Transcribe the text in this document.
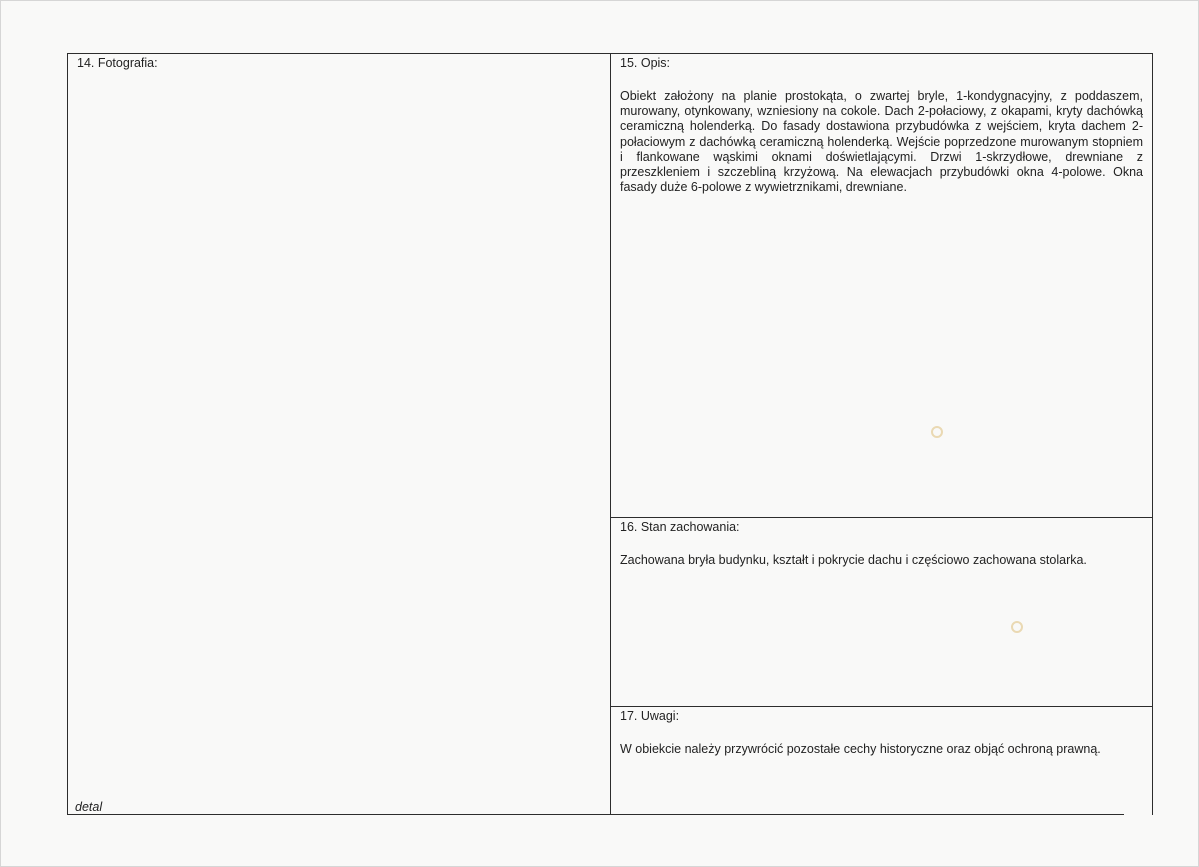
14. Fotografia:
detal
15. Opis:
Obiekt założony na planie prostokąta, o zwartej bryle, 1-kondygnacyjny, z poddaszem, murowany, otynkowany, wzniesiony na cokole. Dach 2-połaciowy, z okapami, kryty dachówką ceramiczną holenderką. Do fasady dostawiona przybudówka z wejściem, kryta dachem 2-połaciowym z dachówką ceramiczną holenderką. Wejście poprzedzone murowanym stopniem i flankowane wąskimi oknami doświetlającymi. Drzwi 1-skrzydłowe, drewniane z przeszkleniem i szczebliną krzyżową. Na elewacjach przybudówki okna 4-polowe. Okna fasady duże 6-polowe z wywietrznikami, drewniane.
16. Stan zachowania:
Zachowana bryła budynku, kształt i pokrycie dachu i częściowo zachowana stolarka.
17. Uwagi:
W obiekcie należy przywrócić pozostałe cechy historyczne oraz objąć ochroną prawną.
